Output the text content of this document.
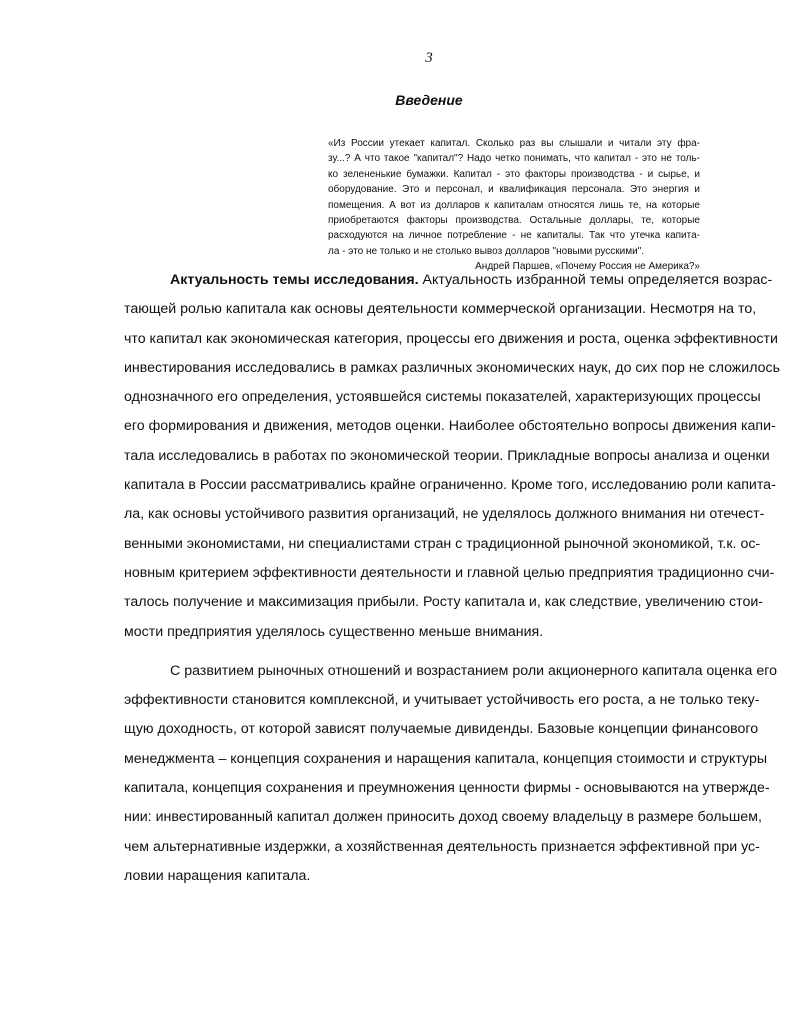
3
Введение
«Из России утекает капитал. Сколько раз вы слышали и читали эту фра-
зу...? А что такое "капитал"? Надо четко понимать, что капитал - это не толь-
ко зелененькие бумажки. Капитал - это факторы производства - и сырье, и
оборудование. Это и персонал, и квалификация персонала. Это энергия и
помещения. А вот из долларов к капиталам относятся лишь те, на которые
приобретаются факторы производства. Остальные доллары, те, которые
расходуются на личное потребление - не капиталы. Так что утечка капита-
ла - это не только и не столько вывоз долларов "новыми русскими".
Андрей Паршев, «Почему Россия не Америка?»
Актуальность темы исследования. Актуальность избранной темы определяется возрас-
тающей ролью капитала как основы деятельности коммерческой организации. Несмотря на то,
что капитал как экономическая категория, процессы его движения и роста, оценка эффективности
инвестирования исследовались в рамках различных экономических наук, до сих пор не сложилось
однозначного его определения, устоявшейся системы показателей, характеризующих процессы
его формирования и движения, методов оценки. Наиболее обстоятельно вопросы движения капи-
тала исследовались в работах по экономической теории. Прикладные вопросы анализа и оценки
капитала в России рассматривались крайне ограниченно. Кроме того, исследованию роли капита-
ла, как основы устойчивого развития организаций, не уделялось должного внимания ни отечест-
венными экономистами, ни специалистами стран с традиционной рыночной экономикой, т.к. ос-
новным критерием эффективности деятельности и главной целью предприятия традиционно счи-
талось получение и максимизация прибыли. Росту капитала и, как следствие, увеличению стои-
мости предприятия уделялось существенно меньше внимания.
С развитием рыночных отношений и возрастанием роли акционерного капитала оценка его
эффективности становится комплексной, и учитывает устойчивость его роста, а не только теку-
щую доходность, от которой зависят получаемые дивиденды. Базовые концепции финансового
менеджмента – концепция сохранения и наращения капитала, концепция стоимости и структуры
капитала, концепция сохранения и преумножения ценности фирмы - основываются на утвержде-
нии: инвестированный капитал должен приносить доход своему владельцу в размере большем,
чем альтернативные издержки, а хозяйственная деятельность признается эффективной при ус-
ловии наращения капитала.
